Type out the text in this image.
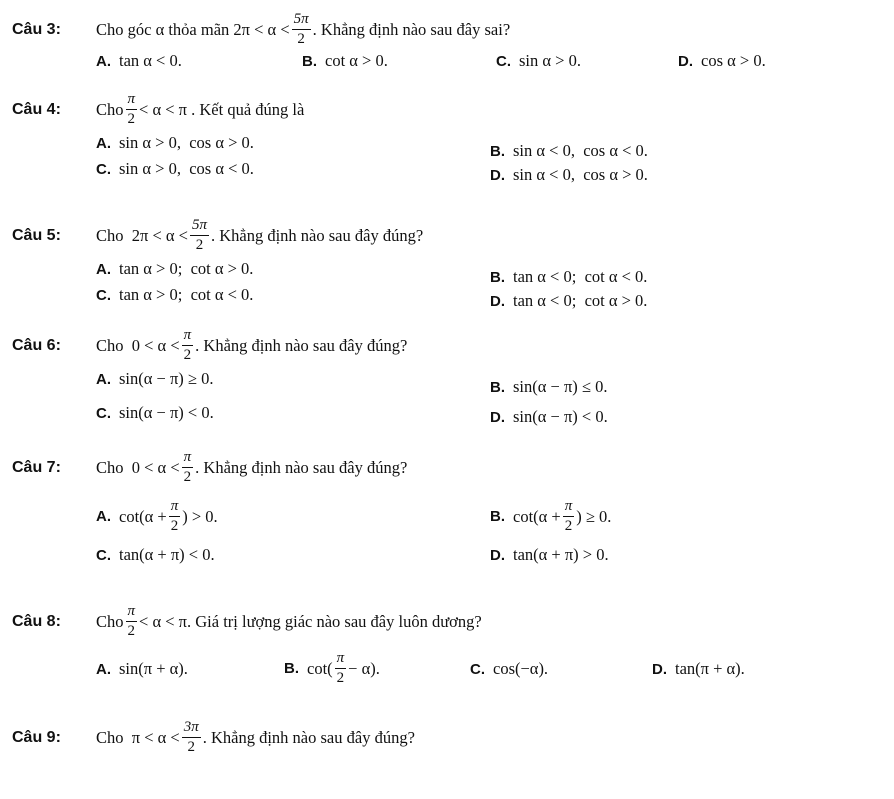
Câu 3:	Cho góc α thỏa mãn $2\pi < \alpha < \frac{5\pi}{2}$ . Khẳng định nào sau đây sai?
A. tan α < 0.	B. cot α > 0.	C. sin α > 0.	D. cos α > 0.
Câu 4:	Cho $\frac{\pi}{2} < \alpha < \pi$ . Kết quả đúng là
A. sin α > 0,  cos α > 0.	B. sin α < 0,  cos α < 0.
C. sin α > 0,  cos α < 0.	D. sin α < 0,  cos α > 0.
Câu 5:	Cho  $2\pi < \alpha < \frac{5\pi}{2}$ . Khẳng định nào sau đây đúng?
A. tan α > 0;  cot α > 0.	B. tan α < 0;  cot α < 0.
C. tan α > 0;  cot α < 0.	D. tan α < 0;  cot α > 0.
Câu 6:	Cho  $0 < \alpha < \frac{\pi}{2}$ . Khẳng định nào sau đây đúng?
A. sin(α − π) ≥ 0.	B. sin(α − π) ≤ 0.
C. sin(α − π) < 0.	D. sin(α − π) < 0.
Câu 7:	Cho  $0 < \alpha < \frac{\pi}{2}$ . Khẳng định nào sau đây đúng?
A. $\cot(\alpha + \frac{\pi}{2}$ ) > 0.	B. $\cot(\alpha + \frac{\pi}{2}$ ) ≥ 0.
C. tan(α + π) < 0.	D. tan(α + π) > 0.
Câu 8:	Cho $\frac{\pi}{2} < \alpha < \pi$. Giá trị lượng giác nào sau đây luôn dương?
A. sin(π + α).	B. $\cot( \frac{\pi}{2} - \alpha)$.	C. cos(−α).	D. tan(π + α).
Câu 9:	Cho  $\pi < \alpha < \frac{3\pi}{2}$ . Khẳng định nào sau đây đúng?
